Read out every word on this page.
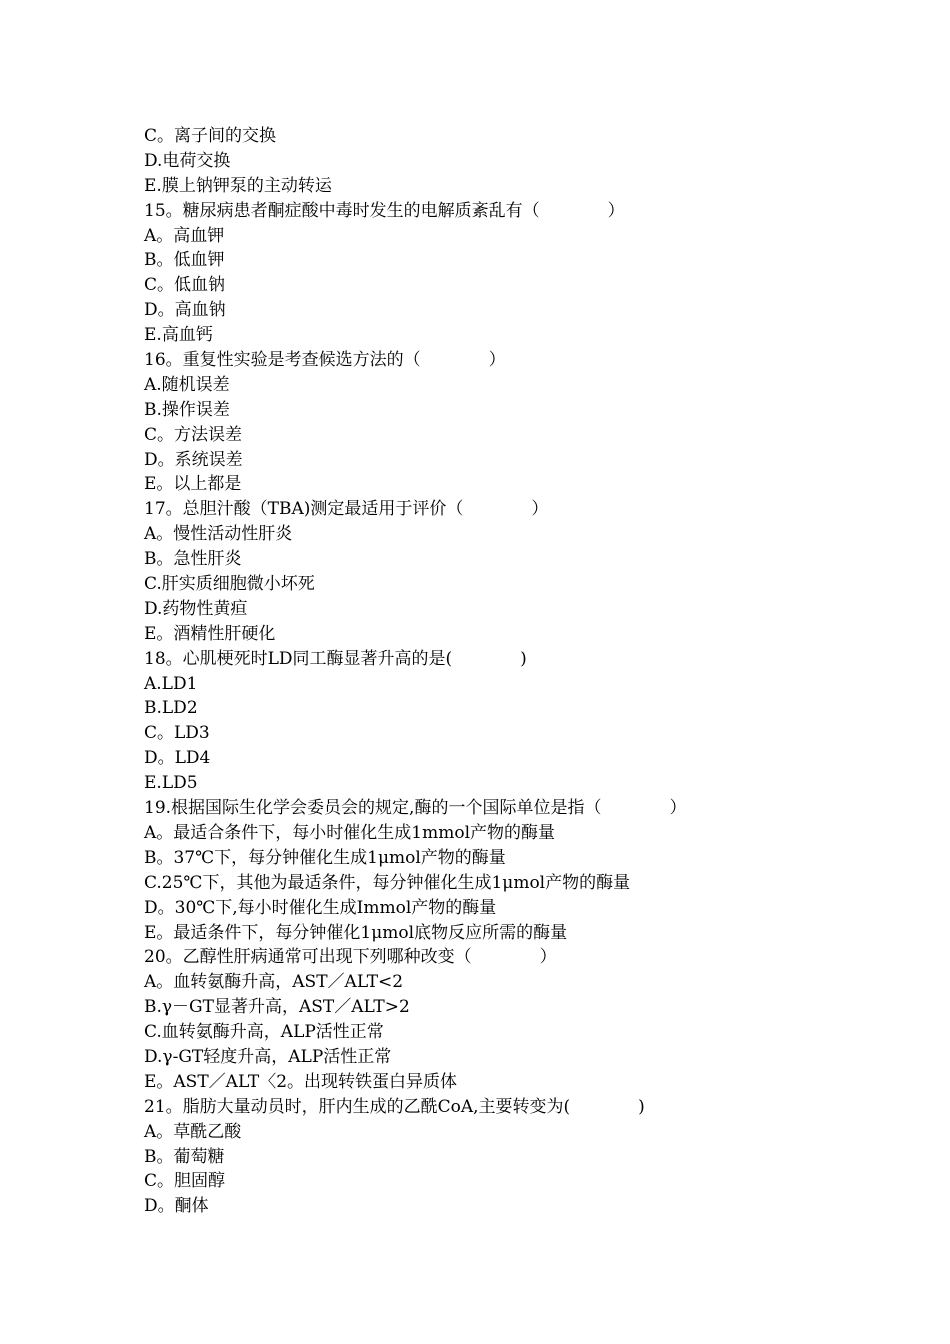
C。离子间的交换
D.电荷交换
E.膜上钠钾泵的主动转运
15。糖尿病患者酮症酸中毒时发生的电解质紊乱有（　　　　）
A。高血钾
B。低血钾
C。低血钠
D。高血钠
E.高血钙
16。重复性实验是考查候选方法的（　　　　）
A.随机误差
B.操作误差
C。方法误差
D。系统误差
E。以上都是
17。总胆汁酸（TBA)测定最适用于评价（　　　　）
A。慢性活动性肝炎
B。急性肝炎
C.肝实质细胞微小坏死
D.药物性黄疸
E。酒精性肝硬化
18。心肌梗死时LD同工酶显著升高的是(　　　　)
A.LD1
B.LD2
C。LD3
D。LD4
E.LD5
19.根据国际生化学会委员会的规定,酶的一个国际单位是指（　　　　）
A。最适合条件下，每小时催化生成1mmol产物的酶量
B。37℃下，每分钟催化生成1μmol产物的酶量
C.25℃下，其他为最适条件，每分钟催化生成1μmol产物的酶量
D。30℃下,每小时催化生成Immol产物的酶量
E。最适条件下，每分钟催化1μmol底物反应所需的酶量
20。乙醇性肝病通常可出现下列哪种改变（　　　　）
A。血转氨酶升高，AST／ALT<2
B.γ－GT显著升高，AST／ALT>2
C.血转氨酶升高，ALP活性正常
D.γ-GT轻度升高，ALP活性正常
E。AST／ALT〈2。出现转铁蛋白异质体
21。脂肪大量动员时，肝内生成的乙酰CoA,主要转变为(　　　　)
A。草酰乙酸
B。葡萄糖
C。胆固醇
D。酮体
